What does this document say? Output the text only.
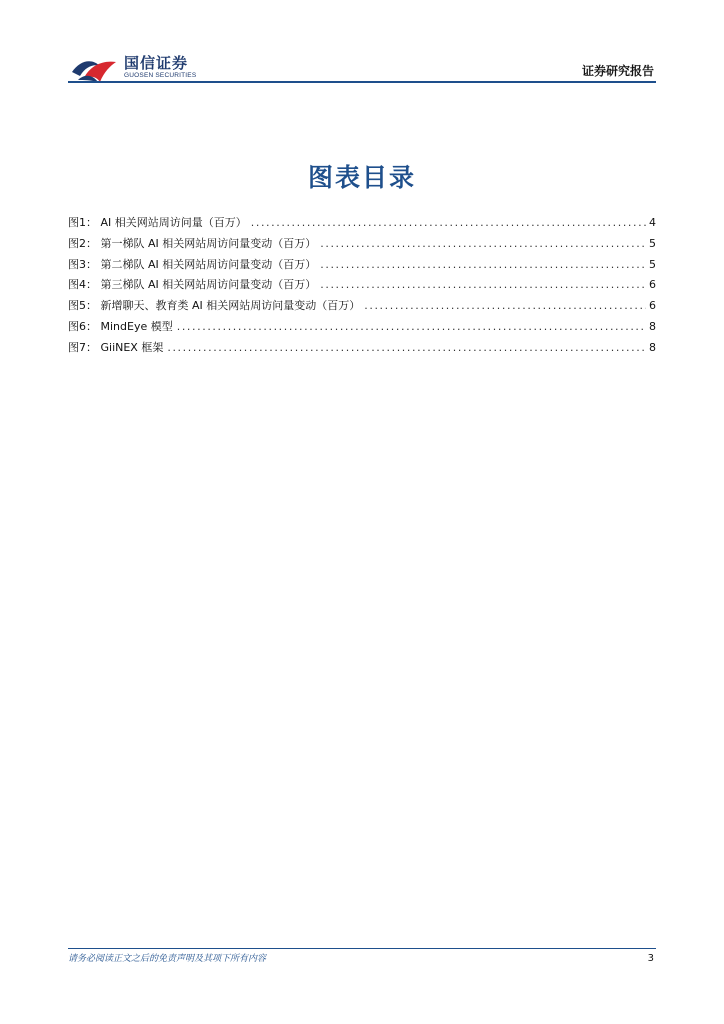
国信证券
GUOSEN SECURITIES	证券研究报告
图表目录
图1： AI 相关网站周访问量（百万） .....	4
图2： 第一梯队 AI 相关网站周访问量变动（百万） .....	5
图3： 第二梯队 AI 相关网站周访问量变动（百万） .....	5
图4： 第三梯队 AI 相关网站周访问量变动（百万） .....	6
图5： 新增聊天、教育类 AI 相关网站周访问量变动（百万） .....	6
图6： MindEye 模型 .....	8
图7： GiiNEX 框架 .....	8
请务必阅读正文之后的免责声明及其项下所有内容	3
